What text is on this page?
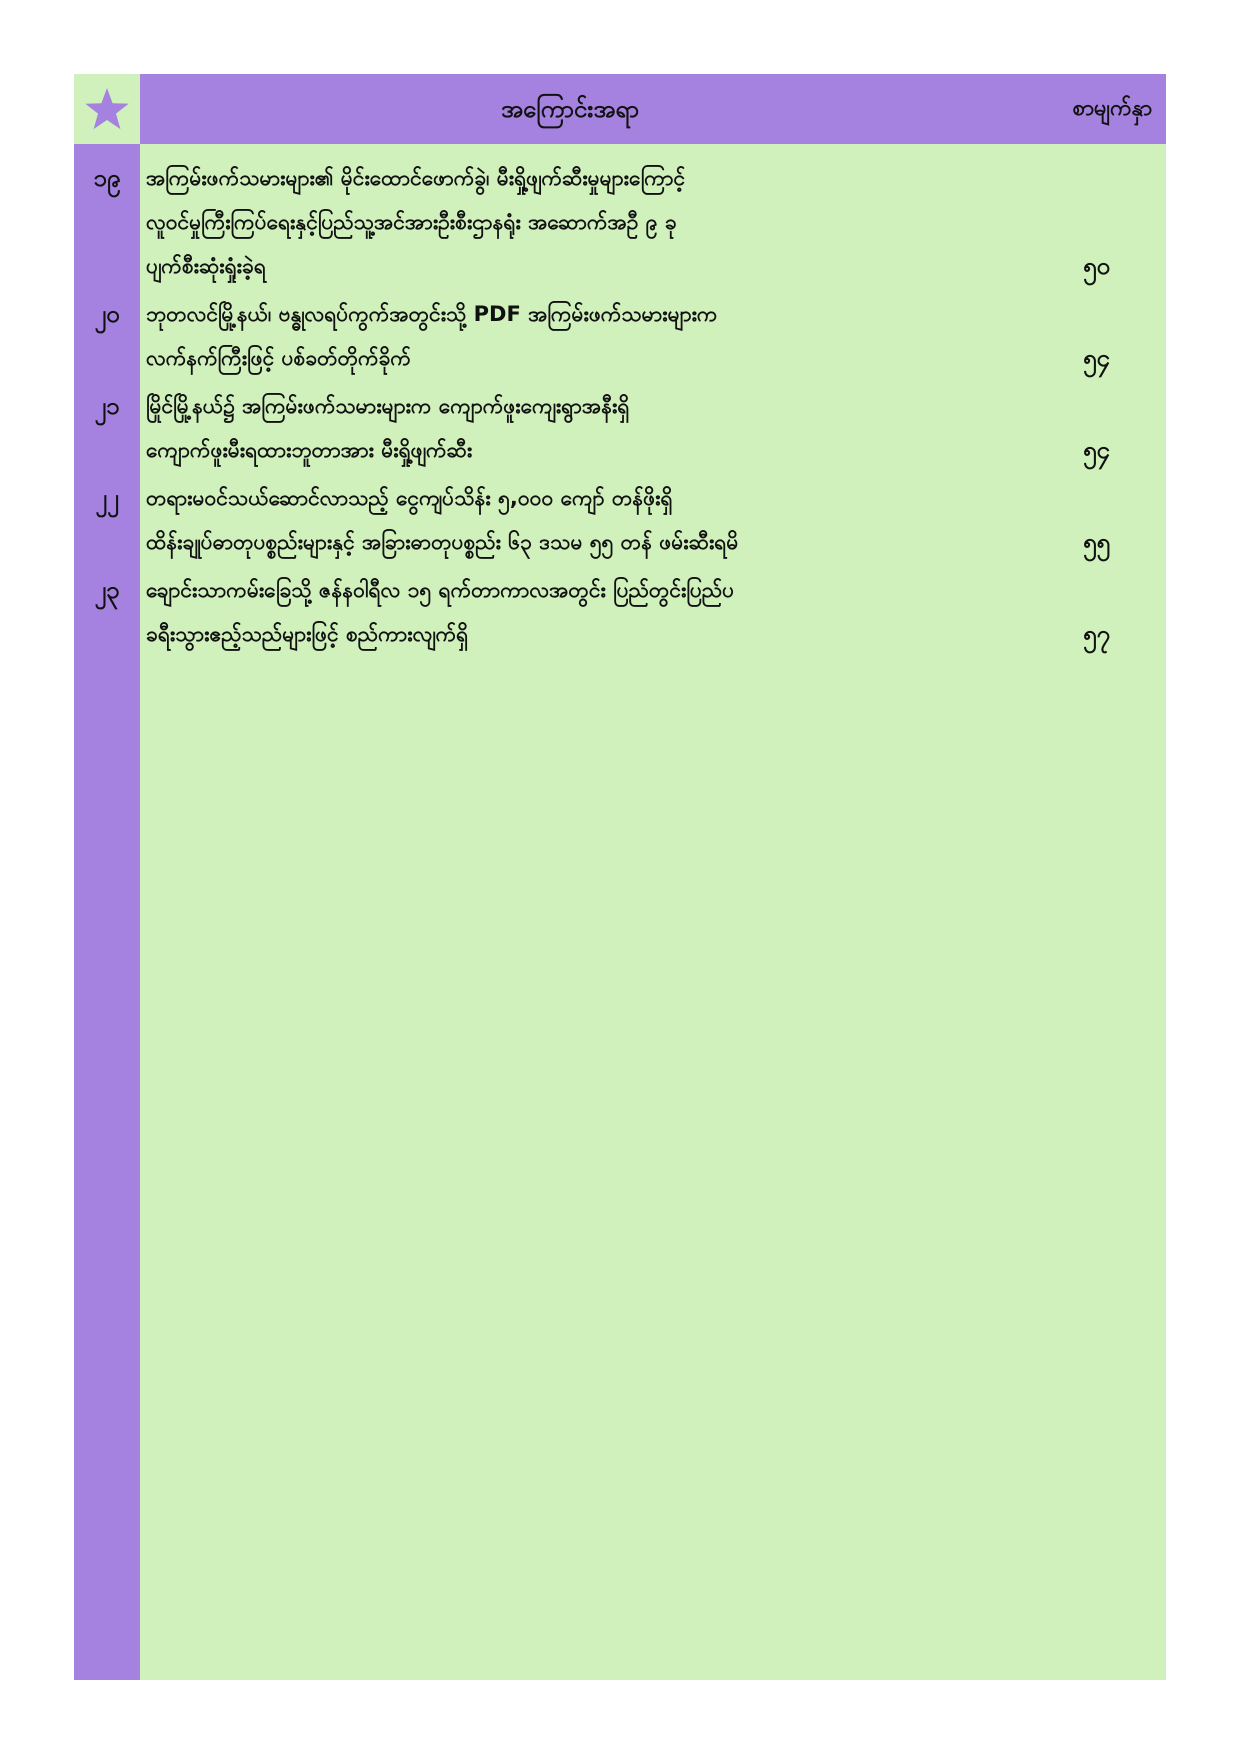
အကြောင်းအရာ	စာမျက်နှာ
၁၉	အကြမ်းဖက်သမားများ၏ မိုင်းထောင်ဖောက်ခွဲ၊ မီးရှို့ဖျက်ဆီးမှုများကြောင့်
လူဝင်မှုကြီးကြပ်ရေးနှင့်ပြည်သူ့အင်အားဦးစီးဌာနရုံး အဆောက်အဦ ၉ ခု
ပျက်စီးဆုံးရှုံးခဲ့ရ	၅၀
၂၀	ဘုတလင်မြို့နယ်၊ ဗန္ဓုလရပ်ကွက်အတွင်းသို့ PDF အကြမ်းဖက်သမားများက
လက်နက်ကြီးဖြင့် ပစ်ခတ်တိုက်ခိုက်	၅၄
၂၁	မြိုင်မြို့နယ်၌ အကြမ်းဖက်သမားများက ကျောက်ဖူးကျေးရွာအနီးရှိ
ကျောက်ဖူးမီးရထားဘူတာအား မီးရှို့ဖျက်ဆီး	၅၄
၂၂	တရားမဝင်သယ်ဆောင်လာသည့် ငွေကျပ်သိန်း ၅,၀၀၀ ကျော် တန်ဖိုးရှိ
ထိန်းချုပ်ဓာတုပစ္စည်းများနှင့် အခြားဓာတုပစ္စည်း ၆၃ ဒသမ ၅၅ တန် ဖမ်းဆီးရမိ	၅၅
၂၃	ချောင်းသာကမ်းခြေသို့ ဇန်နဝါရီလ ၁၅ ရက်တာကာလအတွင်း ပြည်တွင်းပြည်ပ
ခရီးသွားဧည့်သည်များဖြင့် စည်ကားလျက်ရှိ	၅၇
